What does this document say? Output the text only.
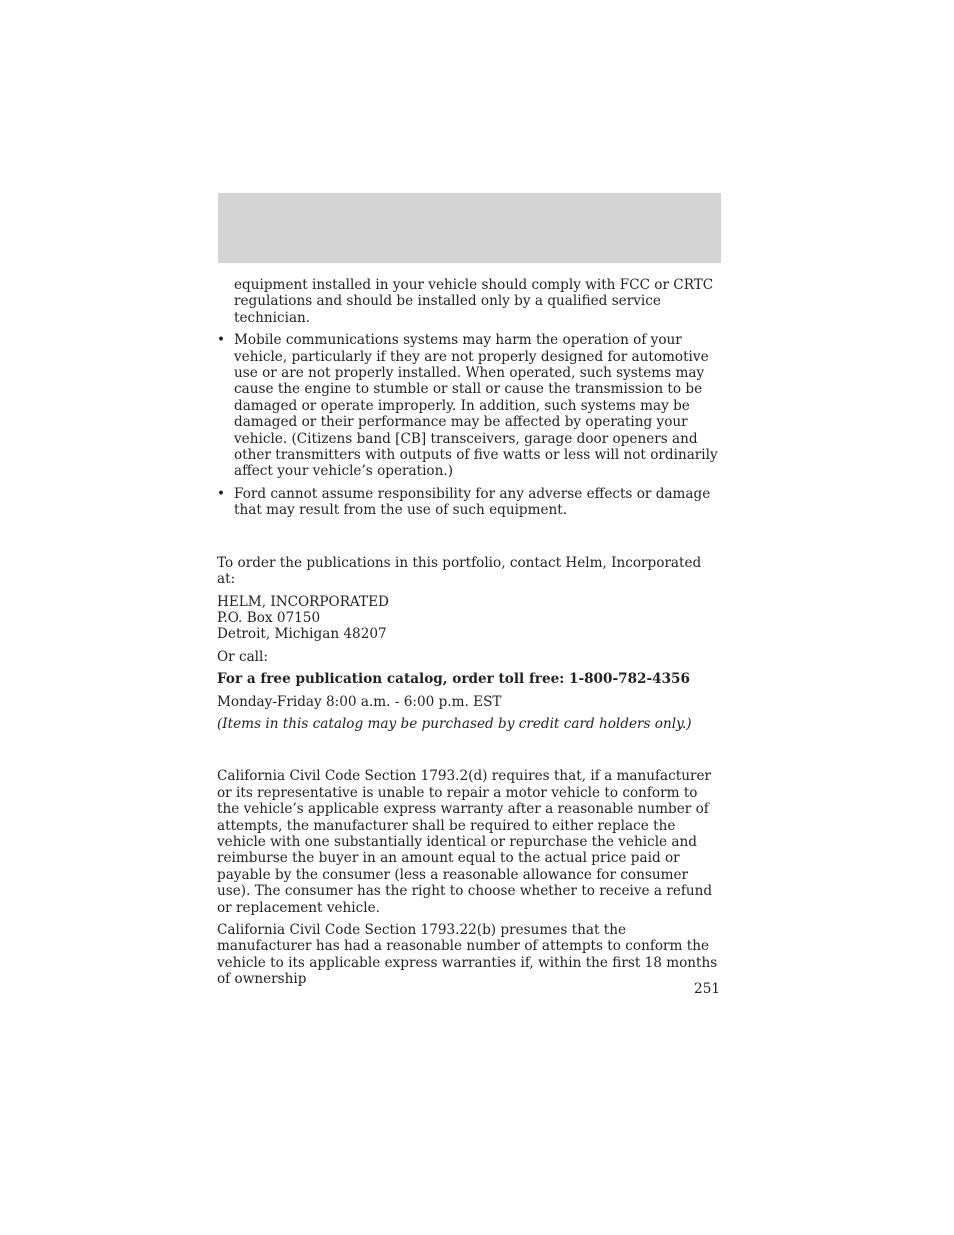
equipment installed in your vehicle should comply with FCC or CRTC regulations and should be installed only by a qualified service technician.

• Mobile communications systems may harm the operation of your vehicle, particularly if they are not properly designed for automotive use or are not properly installed. When operated, such systems may cause the engine to stumble or stall or cause the transmission to be damaged or operate improperly. In addition, such systems may be damaged or their performance may be affected by operating your vehicle. (Citizens band [CB] transceivers, garage door openers and other transmitters with outputs of five watts or less will not ordinarily affect your vehicle’s operation.)

• Ford cannot assume responsibility for any adverse effects or damage that may result from the use of such equipment.

To order the publications in this portfolio, contact Helm, Incorporated at:

HELM, INCORPORATED

P.O. Box 07150

Detroit, Michigan 48207

Or call:

For a free publication catalog, order toll free: 1-800-782-4356

Monday-Friday 8:00 a.m. - 6:00 p.m. EST

(Items in this catalog may be purchased by credit card holders only.)

California Civil Code Section 1793.2(d) requires that, if a manufacturer or its representative is unable to repair a motor vehicle to conform to the vehicle’s applicable express warranty after a reasonable number of attempts, the manufacturer shall be required to either replace the vehicle with one substantially identical or repurchase the vehicle and reimburse the buyer in an amount equal to the actual price paid or payable by the consumer (less a reasonable allowance for consumer use). The consumer has the right to choose whether to receive a refund or replacement vehicle.

California Civil Code Section 1793.22(b) presumes that the manufacturer has had a reasonable number of attempts to conform the vehicle to its applicable express warranties if, within the first 18 months of ownership

251
